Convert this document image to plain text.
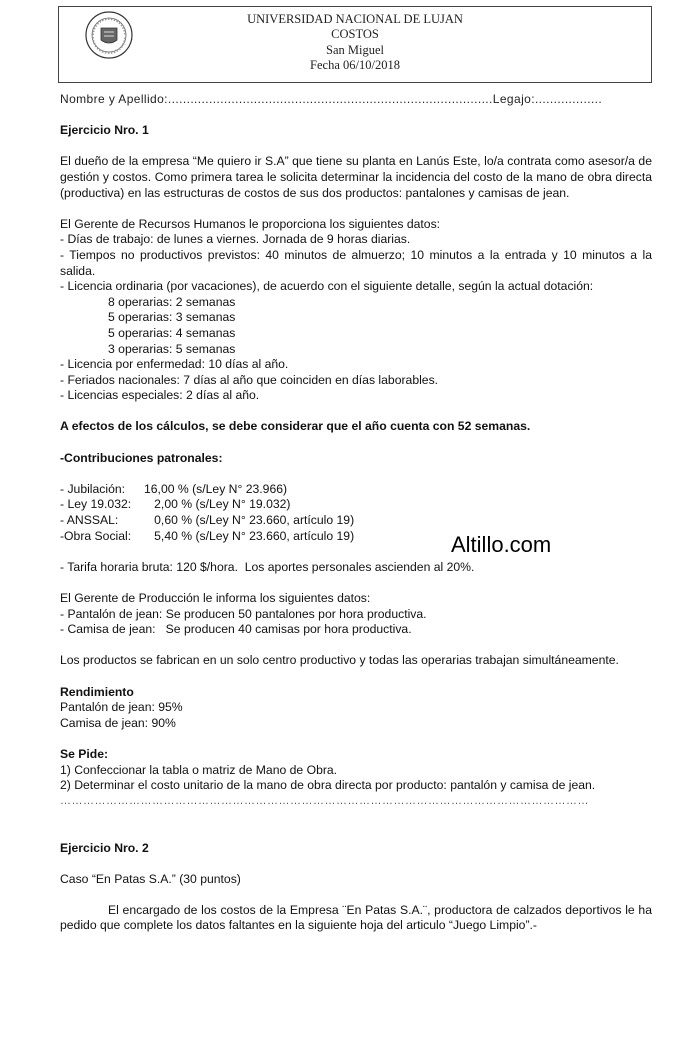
UNIVERSIDAD NACIONAL DE LUJAN
COSTOS
San Miguel
Fecha 06/10/2018
Nombre y Apellido:.......................................................................................Legajo:..................
Ejercicio Nro. 1
El dueño de la empresa “Me quiero ir S.A” que tiene su planta en Lanús Este, lo/a contrata como asesor/a de gestión y costos. Como primera tarea le solicita determinar la incidencia del costo de la mano de obra directa (productiva) en las estructuras de costos de sus dos productos: pantalones y camisas de jean.
El Gerente de Recursos Humanos le proporciona los siguientes datos:
- Días de trabajo: de lunes a viernes. Jornada de 9 horas diarias.
- Tiempos no productivos previstos: 40 minutos de almuerzo; 10 minutos a la entrada y 10 minutos a la salida.
- Licencia ordinaria (por vacaciones), de acuerdo con el siguiente detalle, según la actual dotación:
8 operarias: 2 semanas
5 operarias: 3 semanas
5 operarias: 4 semanas
3 operarias: 5 semanas
- Licencia por enfermedad: 10 días al año.
- Feriados nacionales: 7 días al año que coinciden en días laborables.
- Licencias especiales: 2 días al año.
A efectos de los cálculos, se debe considerar que el año cuenta con 52 semanas.
-Contribuciones patronales:
- Jubilación: 16,00 % (s/Ley N° 23.966)
- Ley 19.032:   2,00 % (s/Ley N° 19.032)
- ANSSAL:   0,60 % (s/Ley N° 23.660, artículo 19)
-Obra Social:   5,40 % (s/Ley N° 23.660, artículo 19)
- Tarifa horaria bruta: 120 $/hora.  Los aportes personales ascienden al 20%.
El Gerente de Producción le informa los siguientes datos:
- Pantalón de jean: Se producen 50 pantalones por hora productiva.
- Camisa de jean:   Se producen 40 camisas por hora productiva.
Los productos se fabrican en un solo centro productivo y todas las operarias trabajan simultáneamente.
Rendimiento
Pantalón de jean: 95%
Camisa de jean: 90%
Se Pide:
1) Confeccionar la tabla o matriz de Mano de Obra.
2) Determinar el costo unitario de la mano de obra directa por producto: pantalón y camisa de jean.
…………………………………………………………………………………………………………………………
Ejercicio Nro. 2
Caso “En Patas S.A.” (30 puntos)
El encargado de los costos de la Empresa ¨En Patas S.A.¨, productora de calzados deportivos le ha pedido que complete los datos faltantes en la siguiente hoja del articulo “Juego Limpio”.-
Altillo.com
